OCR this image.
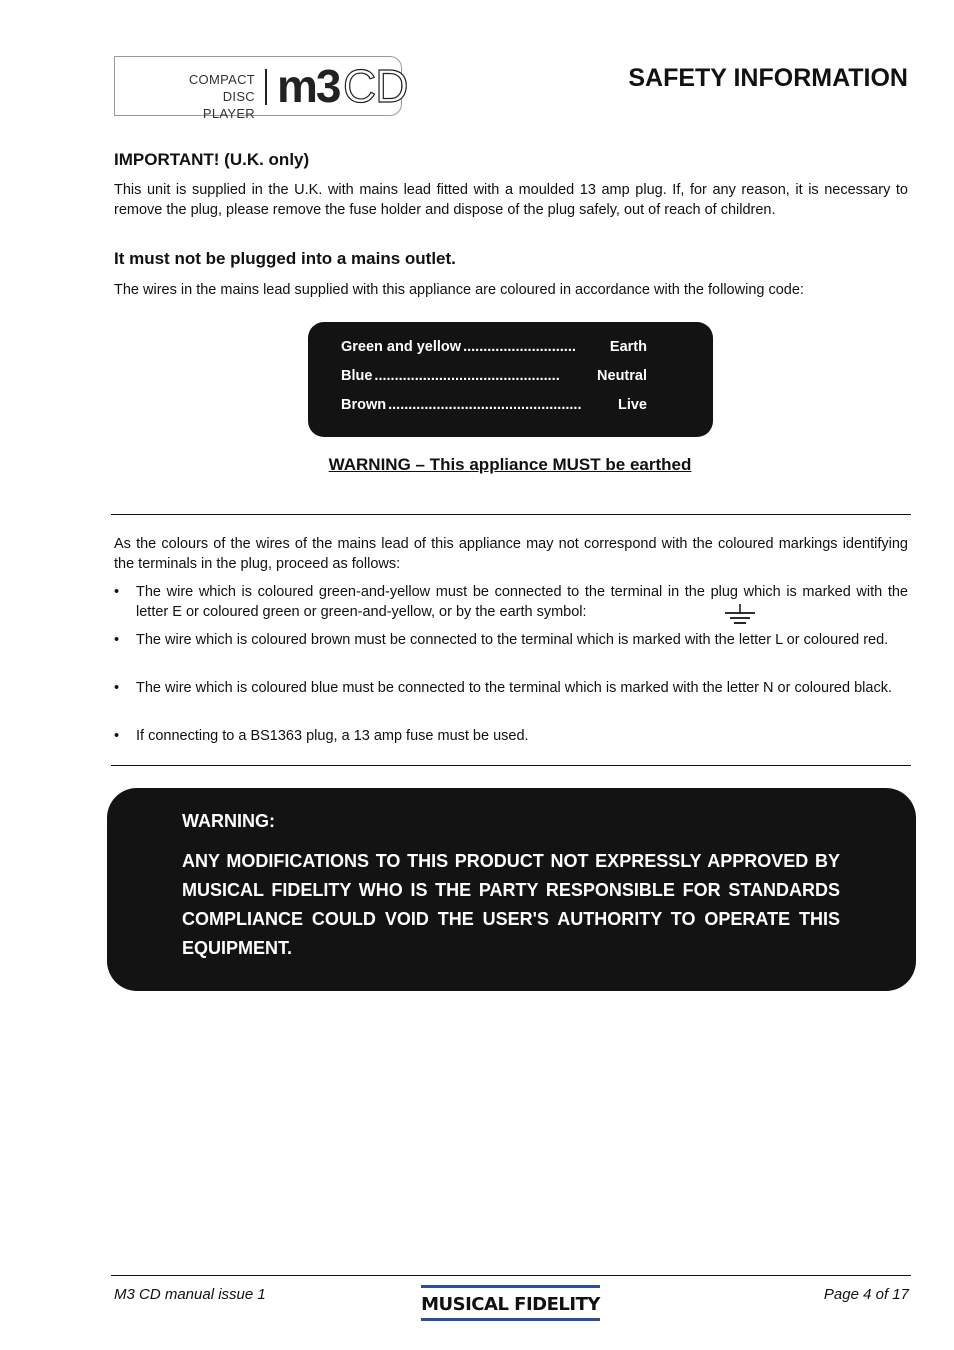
COMPACT
DISC PLAYER
m3 CD	SAFETY INFORMATION
IMPORTANT! (U.K. only)
This unit is supplied in the U.K. with mains lead fitted with a moulded 13 amp plug. If, for any reason, it is necessary to remove the plug, please remove the fuse holder and dispose of the plug safely, out of reach of children.
It must not be plugged into a mains outlet.
The wires in the mains lead supplied with this appliance are coloured in accordance with the following code:
Green and yellow ............................	Earth
Blue ..............................................	Neutral
Brown ................................................	Live
WARNING – This appliance MUST be earthed
As the colours of the wires of the mains lead of this appliance may not correspond with the coloured markings identifying the terminals in the plug, proceed as follows:
• The wire which is coloured green-and-yellow must be connected to the terminal in the plug which is marked with the letter E or coloured green or green-and-yellow, or by the earth symbol:
• The wire which is coloured brown must be connected to the terminal which is marked with the letter L or coloured red.
• The wire which is coloured blue must be connected to the terminal which is marked with the letter N or coloured black.
• If connecting to a BS1363 plug, a 13 amp fuse must be used.
WARNING:
ANY MODIFICATIONS TO THIS PRODUCT NOT EXPRESSLY APPROVED BY MUSICAL FIDELITY WHO IS THE PARTY RESPONSIBLE FOR STANDARDS COMPLIANCE COULD VOID THE USER'S AUTHORITY TO OPERATE THIS EQUIPMENT.
M3 CD manual issue 1	MUSICAL FIDELITY	Page 4 of 17
